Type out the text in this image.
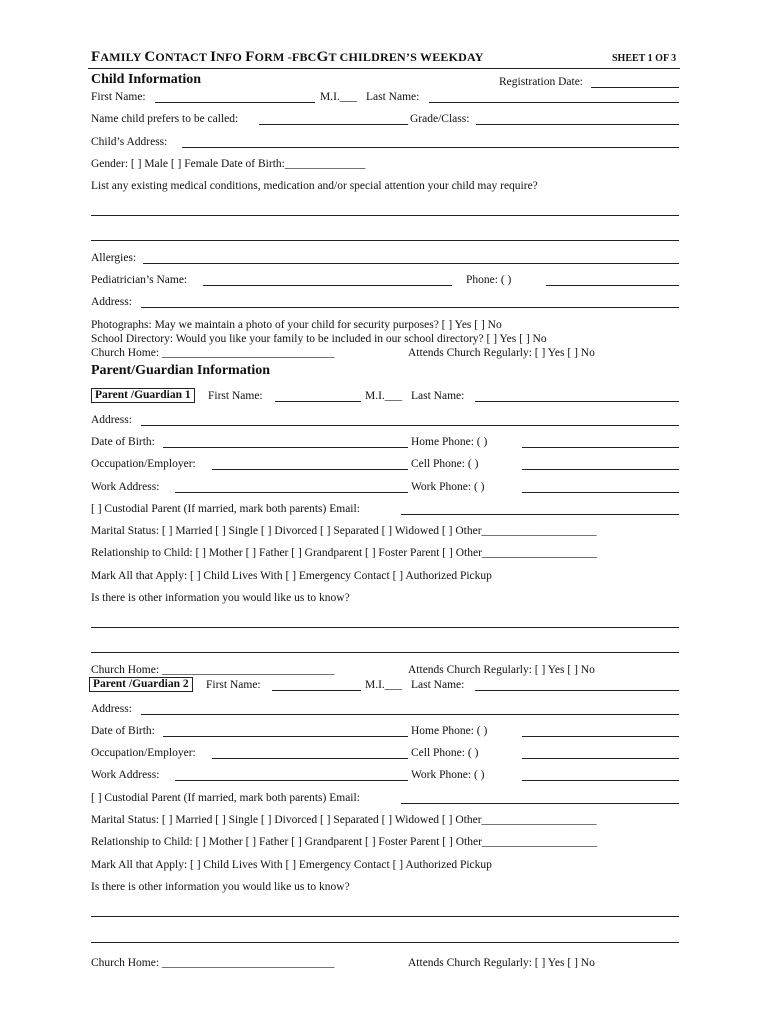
FAMILY CONTACT INFO FORM -FBCGT CHILDREN’S WEEKDAY	SHEET 1 OF 3
Child Information	Registration Date:
First Name:	M.I.___ Last Name:
Name child prefers to be called:	Grade/Class:
Child’s Address:
Gender: [ ] Male [ ] Female Date of Birth:______________
List any existing medical conditions, medication and/or special attention your child may require?
Allergies:
Pediatrician’s Name:	Phone: ( )
Address:
Photographs: May we maintain a photo of your child for security purposes? [ ] Yes [ ] No
School Directory: Would you like your family to be included in our school directory? [ ] Yes [ ] No
Church Home: ______________________________	Attends Church Regularly: [ ] Yes [ ] No
Parent/Guardian Information
Parent /Guardian 1	First Name:	M.I.___ Last Name:
Address:
Date of Birth:	Home Phone: ( )
Occupation/Employer:	Cell Phone: ( )
Work Address:	Work Phone: ( )
[ ] Custodial Parent (If married, mark both parents) Email:
Marital Status: [ ] Married [ ] Single [ ] Divorced [ ] Separated [ ] Widowed [ ] Other____________________
Relationship to Child: [ ] Mother [ ] Father [ ] Grandparent [ ] Foster Parent [ ] Other____________________
Mark All that Apply: [ ] Child Lives With [ ] Emergency Contact [ ] Authorized Pickup
Is there is other information you would like us to know?
Church Home: ______________________________	Attends Church Regularly: [ ] Yes [ ] No
Parent /Guardian 2	First Name:	M.I.___ Last Name:
Address:
Date of Birth:	Home Phone: ( )
Occupation/Employer:	Cell Phone: ( )
Work Address:	Work Phone: ( )
[ ] Custodial Parent (If married, mark both parents) Email:
Marital Status: [ ] Married [ ] Single [ ] Divorced [ ] Separated [ ] Widowed [ ] Other____________________
Relationship to Child: [ ] Mother [ ] Father [ ] Grandparent [ ] Foster Parent [ ] Other____________________
Mark All that Apply: [ ] Child Lives With [ ] Emergency Contact [ ] Authorized Pickup
Is there is other information you would like us to know?
Church Home: ______________________________	Attends Church Regularly: [ ] Yes [ ] No
